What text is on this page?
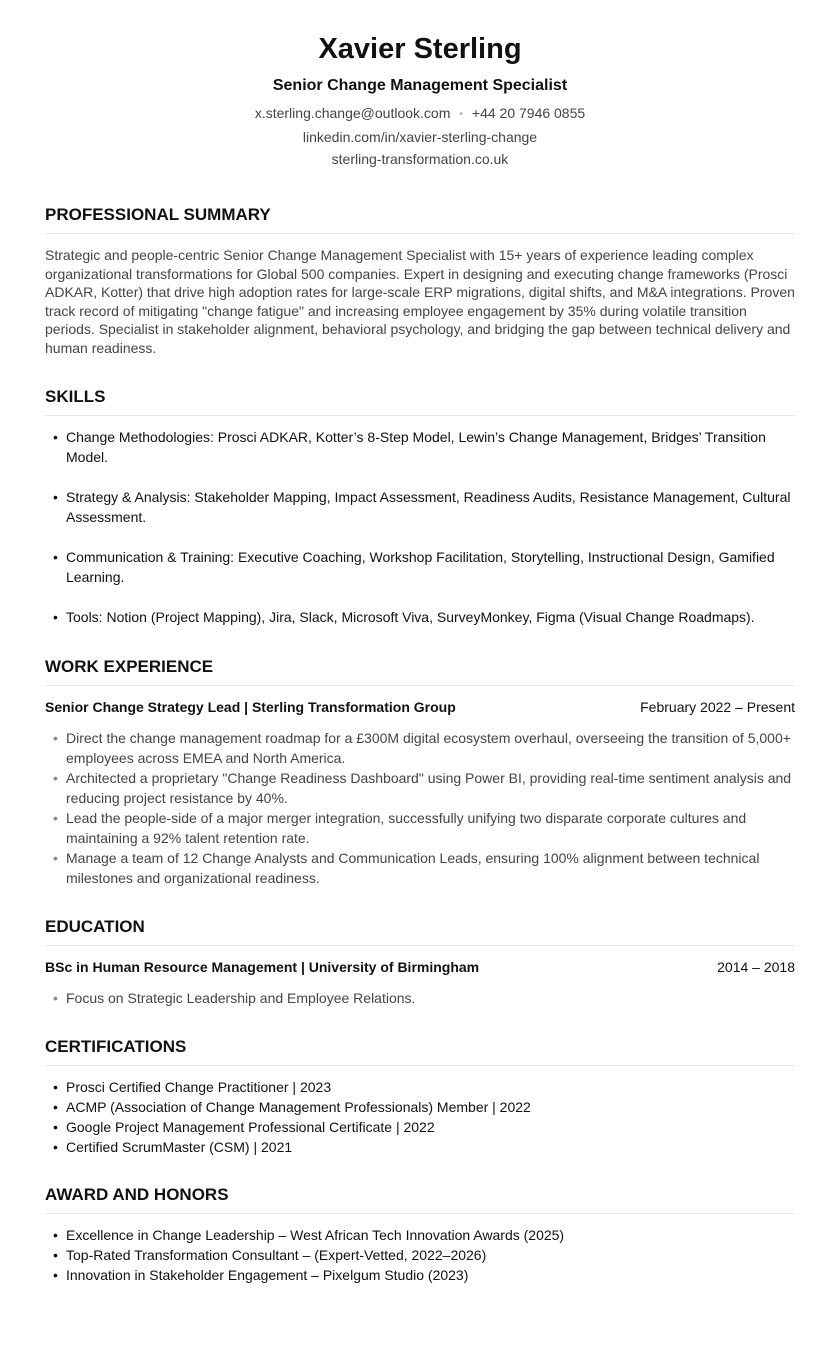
Xavier Sterling
Senior Change Management Specialist
x.sterling.change@outlook.com • +44 20 7946 0855
linkedin.com/in/xavier-sterling-change
sterling-transformation.co.uk
PROFESSIONAL SUMMARY
Strategic and people-centric Senior Change Management Specialist with 15+ years of experience leading complex organizational transformations for Global 500 companies. Expert in designing and executing change frameworks (Prosci ADKAR, Kotter) that drive high adoption rates for large-scale ERP migrations, digital shifts, and M&A integrations. Proven track record of mitigating "change fatigue" and increasing employee engagement by 35% during volatile transition periods. Specialist in stakeholder alignment, behavioral psychology, and bridging the gap between technical delivery and human readiness.
SKILLS
• Change Methodologies: Prosci ADKAR, Kotter’s 8-Step Model, Lewin’s Change Management, Bridges’ Transition Model.
• Strategy & Analysis: Stakeholder Mapping, Impact Assessment, Readiness Audits, Resistance Management, Cultural Assessment.
• Communication & Training: Executive Coaching, Workshop Facilitation, Storytelling, Instructional Design, Gamified Learning.
• Tools: Notion (Project Mapping), Jira, Slack, Microsoft Viva, SurveyMonkey, Figma (Visual Change Roadmaps).
WORK EXPERIENCE
Senior Change Strategy Lead | Sterling Transformation Group	February 2022 – Present
• Direct the change management roadmap for a £300M digital ecosystem overhaul, overseeing the transition of 5,000+ employees across EMEA and North America.
• Architected a proprietary "Change Readiness Dashboard" using Power BI, providing real-time sentiment analysis and reducing project resistance by 40%.
• Lead the people-side of a major merger integration, successfully unifying two disparate corporate cultures and maintaining a 92% talent retention rate.
• Manage a team of 12 Change Analysts and Communication Leads, ensuring 100% alignment between technical milestones and organizational readiness.
EDUCATION
BSc in Human Resource Management | University of Birmingham	2014 – 2018
• Focus on Strategic Leadership and Employee Relations.
CERTIFICATIONS
• Prosci Certified Change Practitioner | 2023
• ACMP (Association of Change Management Professionals) Member | 2022
• Google Project Management Professional Certificate | 2022
• Certified ScrumMaster (CSM) | 2021
AWARD AND HONORS
• Excellence in Change Leadership – West African Tech Innovation Awards (2025)
• Top-Rated Transformation Consultant – (Expert-Vetted, 2022–2026)
• Innovation in Stakeholder Engagement – Pixelgum Studio (2023)
